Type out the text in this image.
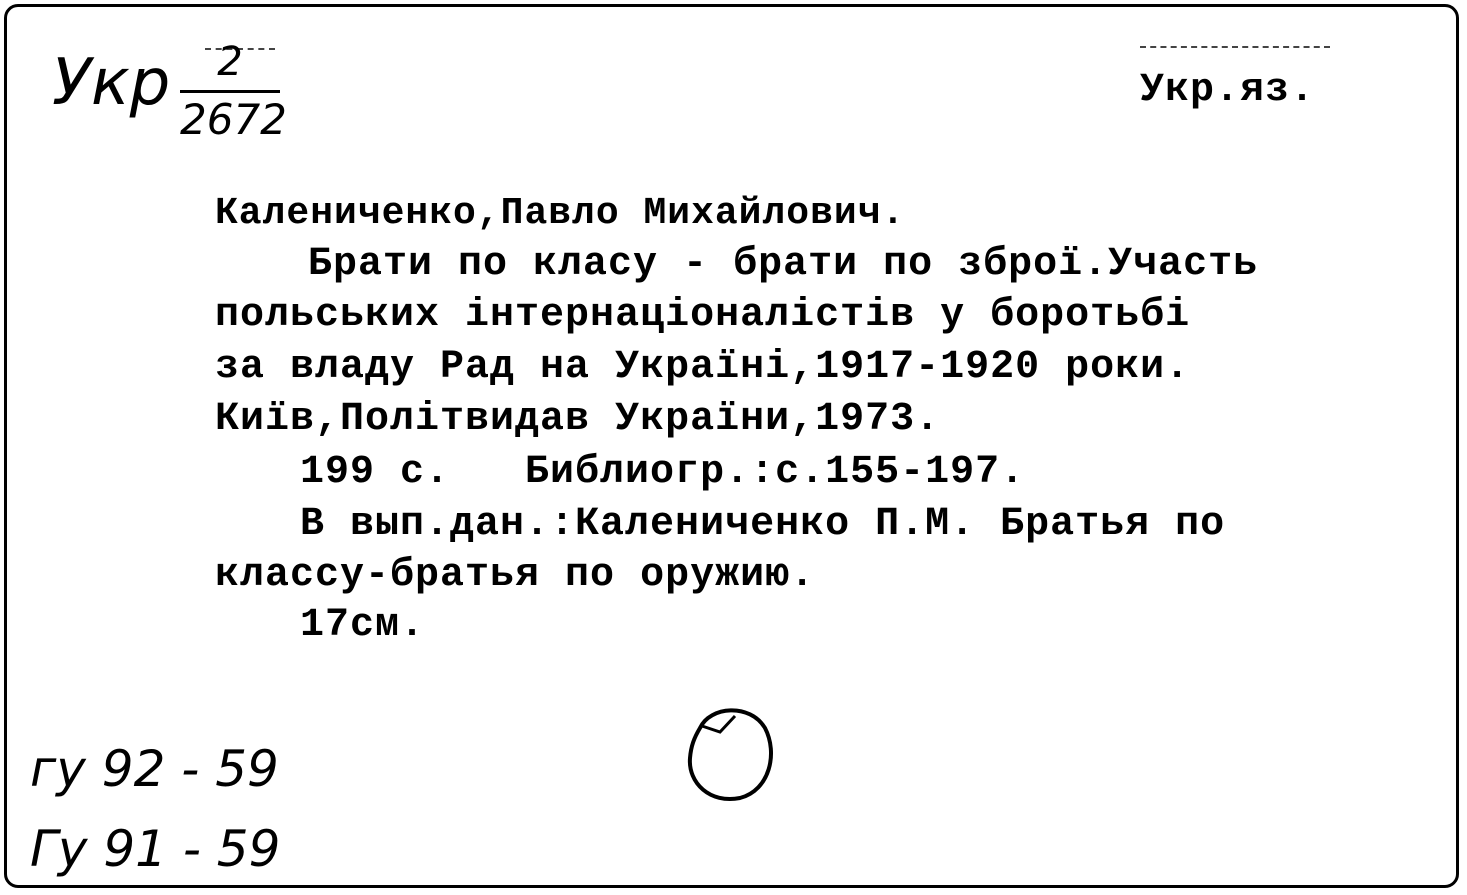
Укр	2
2672
Укр.яз.
Калениченко,Павло Михайлович.
Брати по класу - брати по зброї.Участь
польських інтернаціоналістів у боротьбі
за владу Рад на Україні,1917-1920 роки.
Київ,Політвидав України,1973.
199 с.   Библиогр.:с.155-197.
В вып.дан.:Калениченко П.М. Братья по
классу-братья по оружию.
17см.
гу 92 - 59
Гу 91 - 59
